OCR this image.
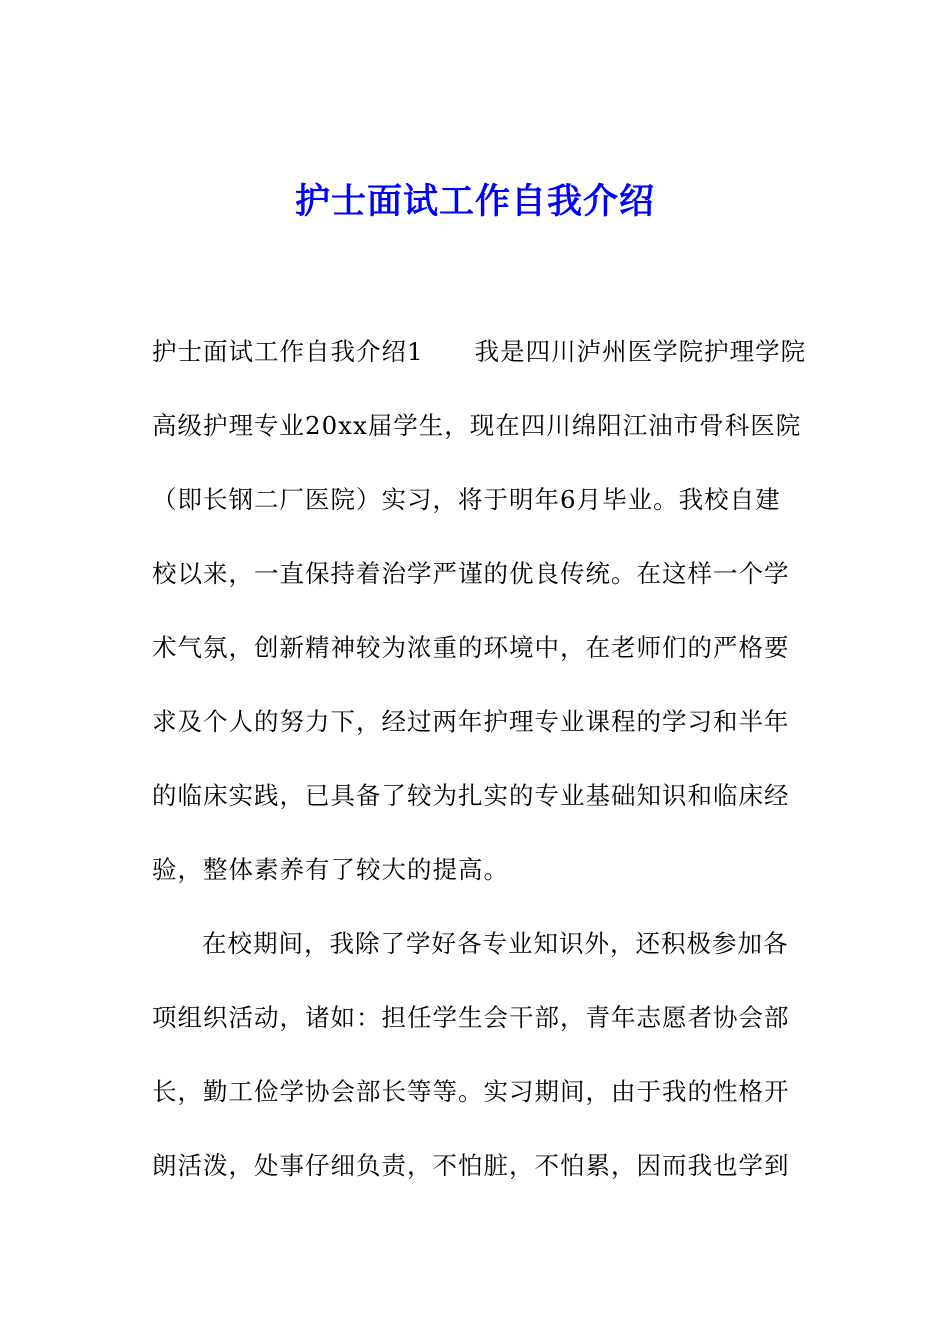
护士面试工作自我介绍
护士面试工作自我介绍1　　我是四川泸州医学院护理学院
高级护理专业20xx届学生，现在四川绵阳江油市骨科医院
（即长钢二厂医院）实习，将于明年6月毕业。我校自建
校以来，一直保持着治学严谨的优良传统。在这样一个学
术气氛，创新精神较为浓重的环境中，在老师们的严格要
求及个人的努力下，经过两年护理专业课程的学习和半年
的临床实践，已具备了较为扎实的专业基础知识和临床经
验，整体素养有了较大的提高。
在校期间，我除了学好各专业知识外，还积极参加各
项组织活动，诸如：担任学生会干部，青年志愿者协会部
长，勤工俭学协会部长等等。实习期间，由于我的性格开
朗活泼，处事仔细负责，不怕脏，不怕累，因而我也学到
